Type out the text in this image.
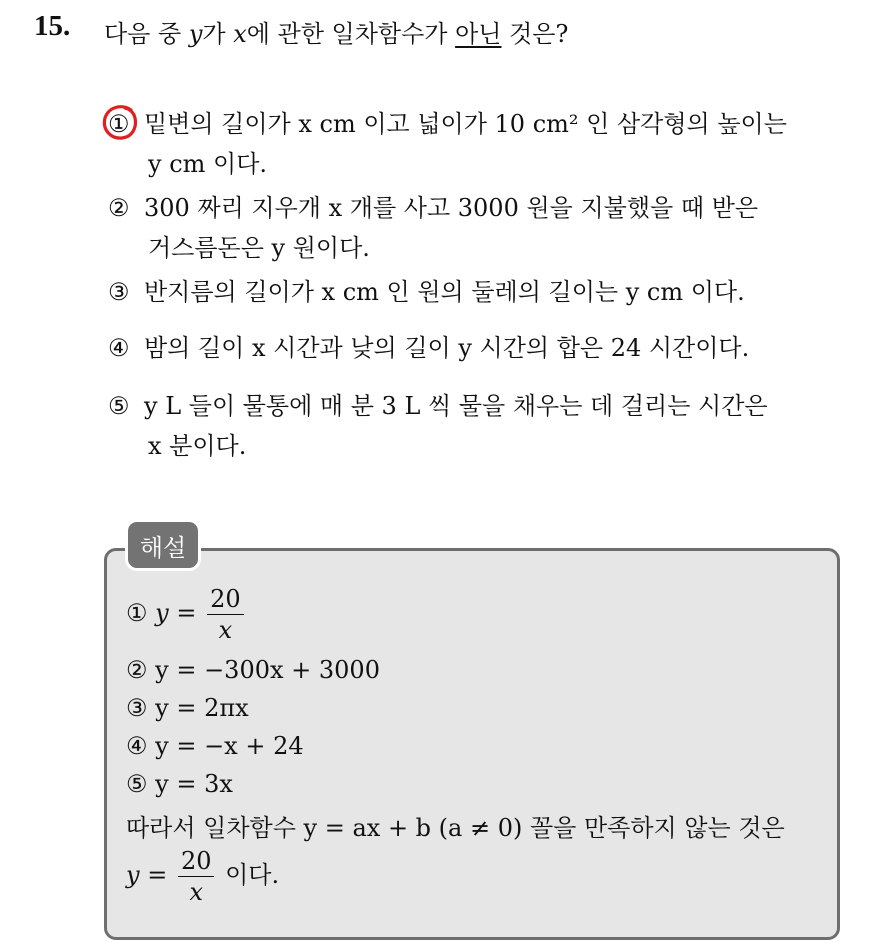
15. 다음 중 y가 x에 관한 일차함수가 아닌 것은?
① 밑변의 길이가 x cm 이고 넓이가 10 cm² 인 삼각형의 높이는
y cm 이다.
② 300 짜리 지우개 x 개를 사고 3000 원을 지불했을 때 받은
거스름돈은 y 원이다.
③ 반지름의 길이가 x cm 인 원의 둘레의 길이는 y cm 이다.
④ 밤의 길이 x 시간과 낮의 길이 y 시간의 합은 24 시간이다.
⑤ y L 들이 물통에 매 분 3 L 씩 물을 채우는 데 걸리는 시간은
x 분이다.
해설
① $y = \frac{20}{x}$
② y = −300x + 3000
③ y = 2πx
④ y = −x + 24
⑤ y = 3x
따라서 일차함수 y = ax + b (a ≠ 0) 꼴을 만족하지 않는 것은
$y = \frac{20}{x}$ 이다.
